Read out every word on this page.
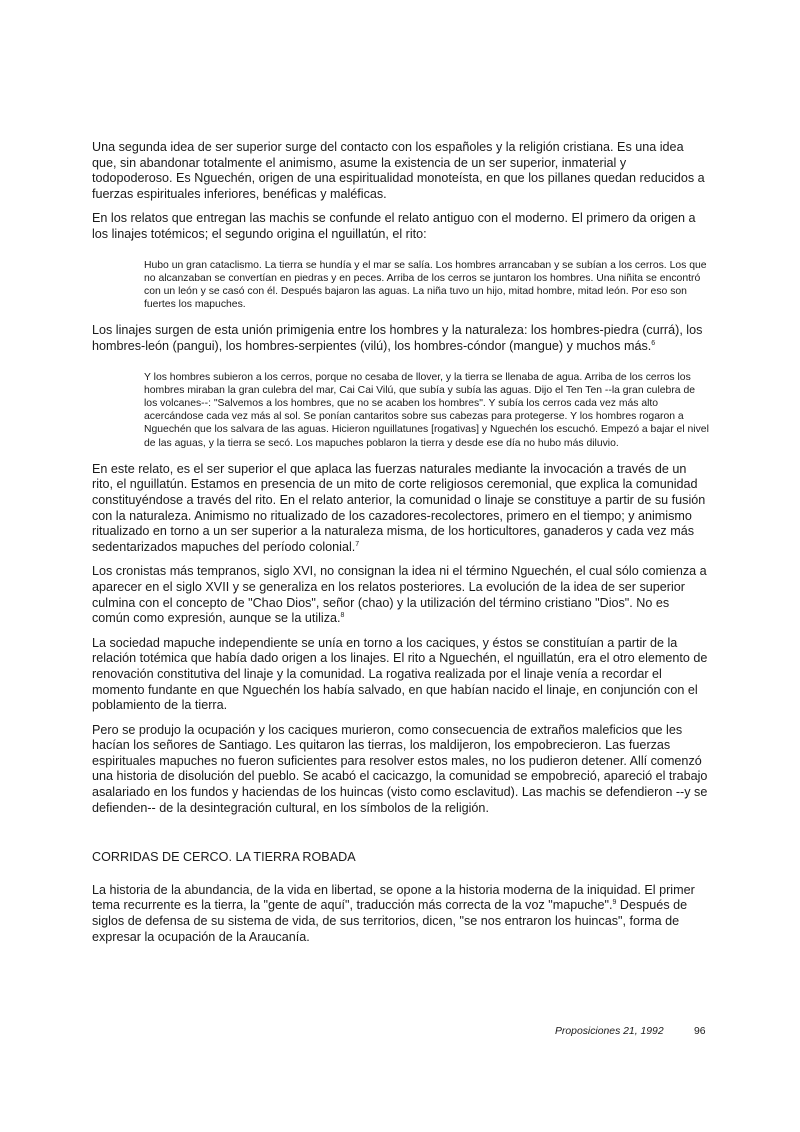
Una segunda idea de ser superior surge del contacto con los españoles y la religión cristiana. Es una idea que, sin abandonar totalmente el animismo, asume la existencia de un ser superior, inmaterial y todopoderoso. Es Nguechén, origen de una espiritualidad monoteísta, en que los pillanes quedan reducidos a fuerzas espirituales inferiores, benéficas y maléficas.

En los relatos que entregan las machis se confunde el relato antiguo con el moderno. El primero da origen a los linajes totémicos; el segundo origina el nguillatún, el rito:

Hubo un gran cataclismo. La tierra se hundía y el mar se salía. Los hombres arrancaban y se subían a los cerros. Los que no alcanzaban se convertían en piedras y en peces. Arriba de los cerros se juntaron los hombres. Una niñita se encontró con un león y se casó con él. Después bajaron las aguas. La niña tuvo un hijo, mitad hombre, mitad león. Por eso son fuertes los mapuches.

Los linajes surgen de esta unión primigenia entre los hombres y la naturaleza: los hombres-piedra (currá), los hombres-león (pangui), los hombres-serpientes (vilú), los hombres-cóndor (mangue) y muchos más.$^6$

Y los hombres subieron a los cerros, porque no cesaba de llover, y la tierra se llenaba de agua. Arriba de los cerros los hombres miraban la gran culebra del mar, Cai Cai Vilú, que subía y subía las aguas. Dijo el Ten Ten --la gran culebra de los volcanes--: "Salvemos a los hombres, que no se acaben los hombres". Y subía los cerros cada vez más alto acercándose cada vez más al sol. Se ponían cantaritos sobre sus cabezas para protegerse. Y los hombres rogaron a Nguechén que los salvara de las aguas. Hicieron nguillatunes [rogativas] y Nguechén los escuchó. Empezó a bajar el nivel de las aguas, y la tierra se secó. Los mapuches poblaron la tierra y desde ese día no hubo más diluvio.

En este relato, es el ser superior el que aplaca las fuerzas naturales mediante la invocación a través de un rito, el nguillatún. Estamos en presencia de un mito de corte religiosos ceremonial, que explica la comunidad constituyéndose a través del rito. En el relato anterior, la comunidad o linaje se constituye a partir de su fusión con la naturaleza. Animismo no ritualizado de los cazadores-recolectores, primero en el tiempo; y animismo ritualizado en torno a un ser superior a la naturaleza misma, de los horticultores, ganaderos y cada vez más sedentarizados mapuches del período colonial.$^7$

Los cronistas más tempranos, siglo XVI, no consignan la idea ni el término Nguechén, el cual sólo comienza a aparecer en el siglo XVII y se generaliza en los relatos posteriores. La evolución de la idea de ser superior culmina con el concepto de "Chao Dios", señor (chao) y la utilización del término cristiano "Dios". No es común como expresión, aunque se la utiliza.$^8$

La sociedad mapuche independiente se unía en torno a los caciques, y éstos se constituían a partir de la relación totémica que había dado origen a los linajes. El rito a Nguechén, el nguillatún, era el otro elemento de renovación constitutiva del linaje y la comunidad. La rogativa realizada por el linaje venía a recordar el momento fundante en que Nguechén los había salvado, en que habían nacido el linaje, en conjunción con el poblamiento de la tierra.

Pero se produjo la ocupación y los caciques murieron, como consecuencia de extraños maleficios que les hacían los señores de Santiago. Les quitaron las tierras, los maldijeron, los empobrecieron. Las fuerzas espirituales mapuches no fueron suficientes para resolver estos males, no los pudieron detener. Allí comenzó una historia de disolución del pueblo. Se acabó el cacicazgo, la comunidad se empobreció, apareció el trabajo asalariado en los fundos y haciendas de los huincas (visto como esclavitud). Las machis se defendieron --y se defienden-- de la desintegración cultural, en los símbolos de la religión.

CORRIDAS DE CERCO. LA TIERRA ROBADA

La historia de la abundancia, de la vida en libertad, se opone a la historia moderna de la iniquidad. El primer tema recurrente es la tierra, la "gente de aquí", traducción más correcta de la voz "mapuche".$^9$ Después de siglos de defensa de su sistema de vida, de sus territorios, dicen, "se nos entraron los huincas", forma de expresar la ocupación de la Araucanía.

Proposiciones 21, 1992	96
